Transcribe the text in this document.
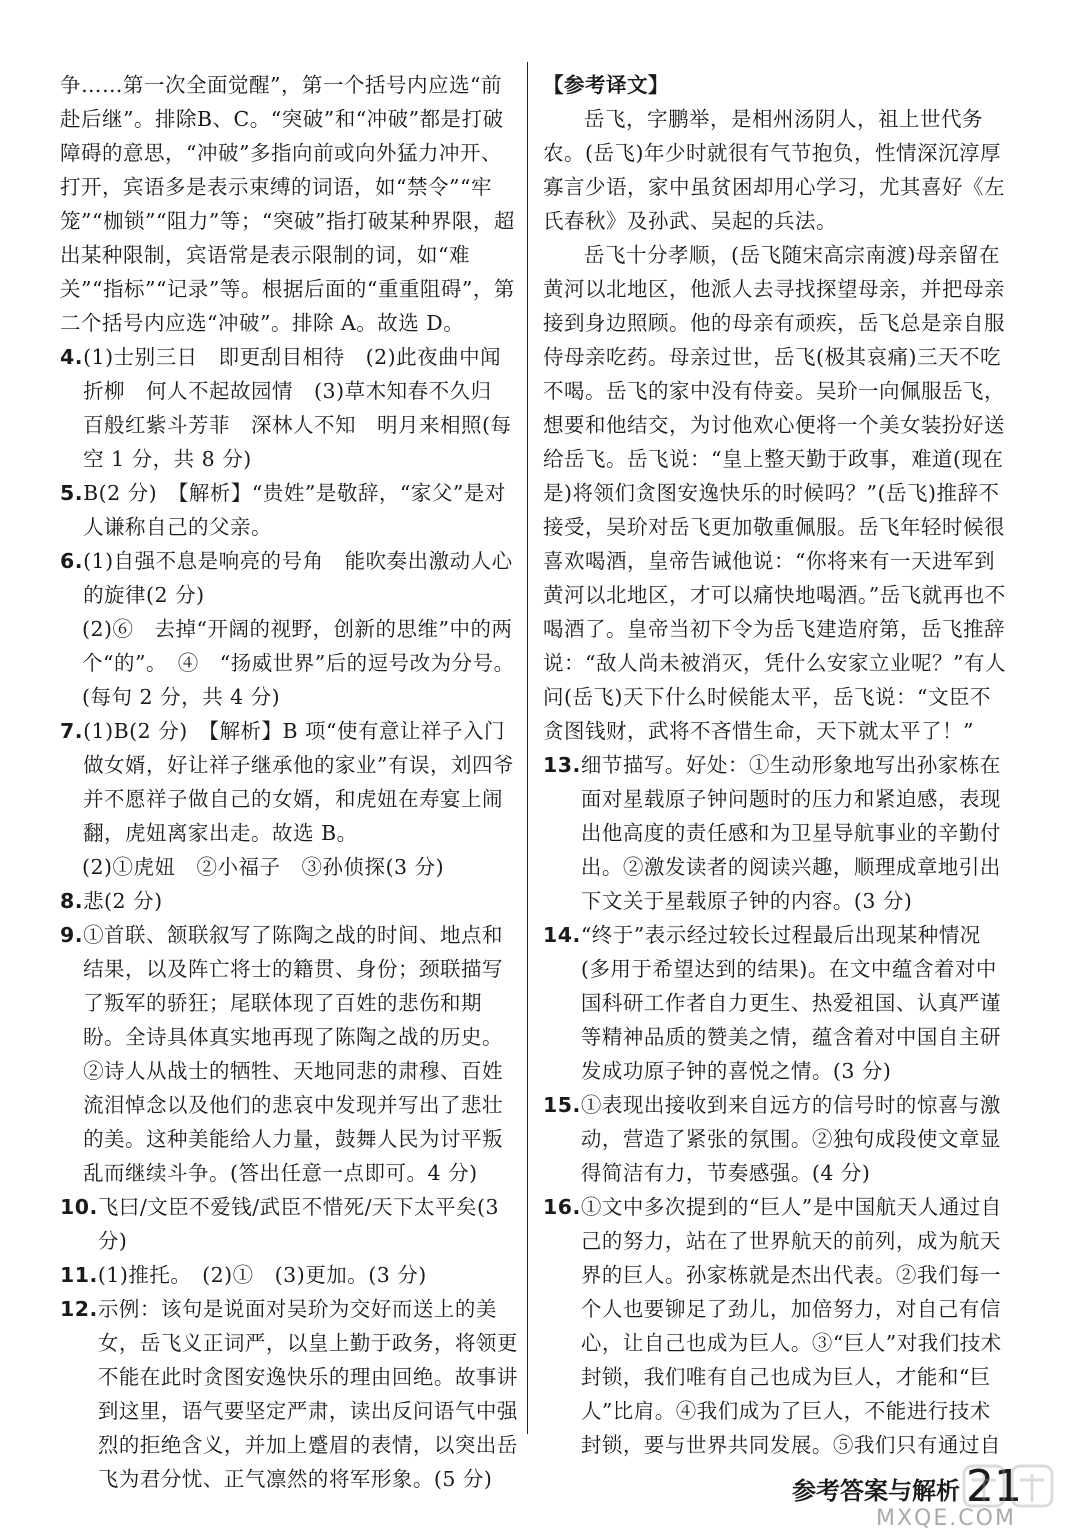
争……第一次全面觉醒”，第一个括号内应选“前赴后继”。排除B、C。“突破”和“冲破”都是打破障碍的意思，“冲破”多指向前或向外猛力冲开、打开，宾语多是表示束缚的词语，如“禁令”“牢笼”“枷锁”“阻力”等；“突破”指打破某种界限，超出某种限制，宾语常是表示限制的词，如“难关”“指标”“记录”等。根据后面的“重重阻碍”，第二个括号内应选“冲破”。排除 A。故选 D。

4. (1)士别三日　即更刮目相待　(2)此夜曲中闻折柳　何人不起故园情　(3)草木知春不久归　百般红紫斗芳菲　深林人不知　明月来相照(每空 1 分，共 8 分)
5. B(2 分)　【解析】“贵姓”是敬辞，“家父”是对人谦称自己的父亲。
6. (1)自强不息是响亮的号角　能吹奏出激动人心的旋律(2 分)

(2)⑥　去掉“开阔的视野，创新的思维”中的两个“的”。　④　“扬威世界”后的逗号改为分号。(每句 2 分，共 4 分)

7. (1)B(2 分)　【解析】B 项“使有意让祥子入门做女婿，好让祥子继承他的家业”有误，刘四爷并不愿祥子做自己的女婿，和虎妞在寿宴上闹翻，虎妞离家出走。故选 B。

(2)①虎妞　②小福子　③孙侦探(3 分)

8. 悲(2 分)
9. ①首联、颔联叙写了陈陶之战的时间、地点和结果，以及阵亡将士的籍贯、身份；颈联描写了叛军的骄狂；尾联体现了百姓的悲伤和期盼。全诗具体真实地再现了陈陶之战的历史。②诗人从战士的牺牲、天地同悲的肃穆、百姓流泪悼念以及他们的悲哀中发现并写出了悲壮的美。这种美能给人力量，鼓舞人民为讨平叛乱而继续斗争。(答出任意一点即可。4 分)
10. 飞曰/文臣不爱钱/武臣不惜死/天下太平矣(3 分)
11. (1)推托。　(2)①　(3)更加。(3 分)
12. 示例：该句是说面对吴玠为交好而送上的美女，岳飞义正词严，以皇上勤于政务，将领更不能在此时贪图安逸快乐的理由回绝。故事讲到这里，语气要坚定严肃，读出反问语气中强烈的拒绝含义，并加上蹙眉的表情，以突出岳飞为君分忧、正气凛然的将军形象。(5 分)

【参考译文】

岳飞，字鹏举，是相州汤阴人，祖上世代务农。(岳飞)年少时就很有气节抱负，性情深沉淳厚寡言少语，家中虽贫困却用心学习，尤其喜好《左氏春秋》及孙武、吴起的兵法。

岳飞十分孝顺，(岳飞随宋高宗南渡)母亲留在黄河以北地区，他派人去寻找探望母亲，并把母亲接到身边照顾。他的母亲有顽疾，岳飞总是亲自服侍母亲吃药。母亲过世，岳飞(极其哀痛)三天不吃不喝。岳飞的家中没有侍妾。吴玠一向佩服岳飞，想要和他结交，为讨他欢心便将一个美女装扮好送给岳飞。岳飞说：“皇上整天勤于政事，难道(现在是)将领们贪图安逸快乐的时候吗？”(岳飞)推辞不接受，吴玠对岳飞更加敬重佩服。岳飞年轻时候很喜欢喝酒，皇帝告诫他说：“你将来有一天进军到黄河以北地区，才可以痛快地喝酒。”岳飞就再也不喝酒了。皇帝当初下令为岳飞建造府第，岳飞推辞说：“敌人尚未被消灭，凭什么安家立业呢？”有人问(岳飞)天下什么时候能太平，岳飞说：“文臣不贪图钱财，武将不吝惜生命，天下就太平了！”

13. 细节描写。好处：①生动形象地写出孙家栋在面对星载原子钟问题时的压力和紧迫感，表现出他高度的责任感和为卫星导航事业的辛勤付出。②激发读者的阅读兴趣，顺理成章地引出下文关于星载原子钟的内容。(3 分)
14. “终于”表示经过较长过程最后出现某种情况(多用于希望达到的结果)。在文中蕴含着对中国科研工作者自力更生、热爱祖国、认真严谨等精神品质的赞美之情，蕴含着对中国自主研发成功原子钟的喜悦之情。(3 分)
15. ①表现出接收到来自远方的信号时的惊喜与激动，营造了紧张的氛围。②独句成段使文章显得简洁有力，节奏感强。(4 分)
16. ①文中多次提到的“巨人”是中国航天人通过自己的努力，站在了世界航天的前列，成为航天界的巨人。孙家栋就是杰出代表。②我们每一个人也要铆足了劲儿，加倍努力，对自己有信心，让自己也成为巨人。③“巨人”对我们技术封锁，我们唯有自己也成为巨人，才能和“巨人”比肩。④我们成为了巨人，不能进行技术封锁，要与世界共同发展。⑤我们只有通过自
参考答案与解析 21
MXQE.COM
